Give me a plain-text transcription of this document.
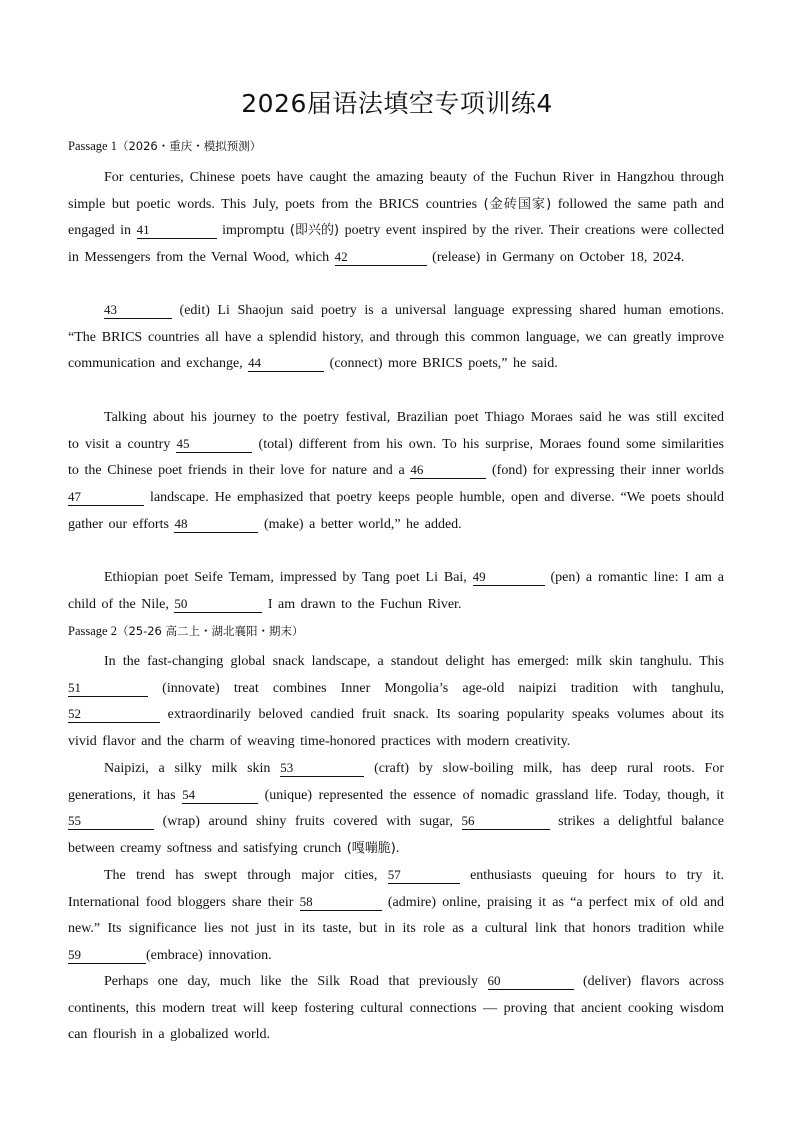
2026届语法填空专项训练4
Passage 1（2026・重庆・模拟预测）
For centuries, Chinese poets have caught the amazing beauty of the Fuchun River in Hangzhou through simple but poetic words. This July, poets from the BRICS countries (金砖国家) followed the same path and engaged in 41	impromptu (即兴的) poetry event inspired by the river. Their creations were collected in Messengers from the Vernal Wood, which 42	(release) in Germany on October 18, 2024.
43	(edit) Li Shaojun said poetry is a universal language expressing shared human emotions. “The BRICS countries all have a splendid history, and through this common language, we can greatly improve communication and exchange, 44	(connect) more BRICS poets,” he said.
Talking about his journey to the poetry festival, Brazilian poet Thiago Moraes said he was still excited to visit a country 45	(total) different from his own. To his surprise, Moraes found some similarities to the Chinese poet friends in their love for nature and a 46	(fond) for expressing their inner worlds 47	landscape. He emphasized that poetry keeps people humble, open and diverse. “We poets should gather our efforts 48	(make) a better world,” he added.
Ethiopian poet Seife Temam, impressed by Tang poet Li Bai, 49	(pen) a romantic line: I am a child of the Nile, 50	I am drawn to the Fuchun River.
Passage 2（25-26 高二上・湖北襄阳・期末）
In the fast-changing global snack landscape, a standout delight has emerged: milk skin tanghulu. This 51	(innovate) treat combines Inner Mongolia’s age-old naipizi tradition with tanghulu, 52	extraordinarily beloved candied fruit snack. Its soaring popularity speaks volumes about its vivid flavor and the charm of weaving time-honored practices with modern creativity.
Naipizi, a silky milk skin 53	(craft) by slow-boiling milk, has deep rural roots. For generations, it has 54	(unique) represented the essence of nomadic grassland life. Today, though, it 55	(wrap) around shiny fruits covered with sugar, 56	strikes a delightful balance between creamy softness and satisfying crunch (嘎嘣脆).
The trend has swept through major cities, 57	enthusiasts queuing for hours to try it. International food bloggers share their 58	(admire) online, praising it as “a perfect mix of old and new.” Its significance lies not just in its taste, but in its role as a cultural link that honors tradition while 59	(embrace) innovation.
Perhaps one day, much like the Silk Road that previously 60	(deliver) flavors across continents, this modern treat will keep fostering cultural connections — proving that ancient cooking wisdom can flourish in a globalized world.
